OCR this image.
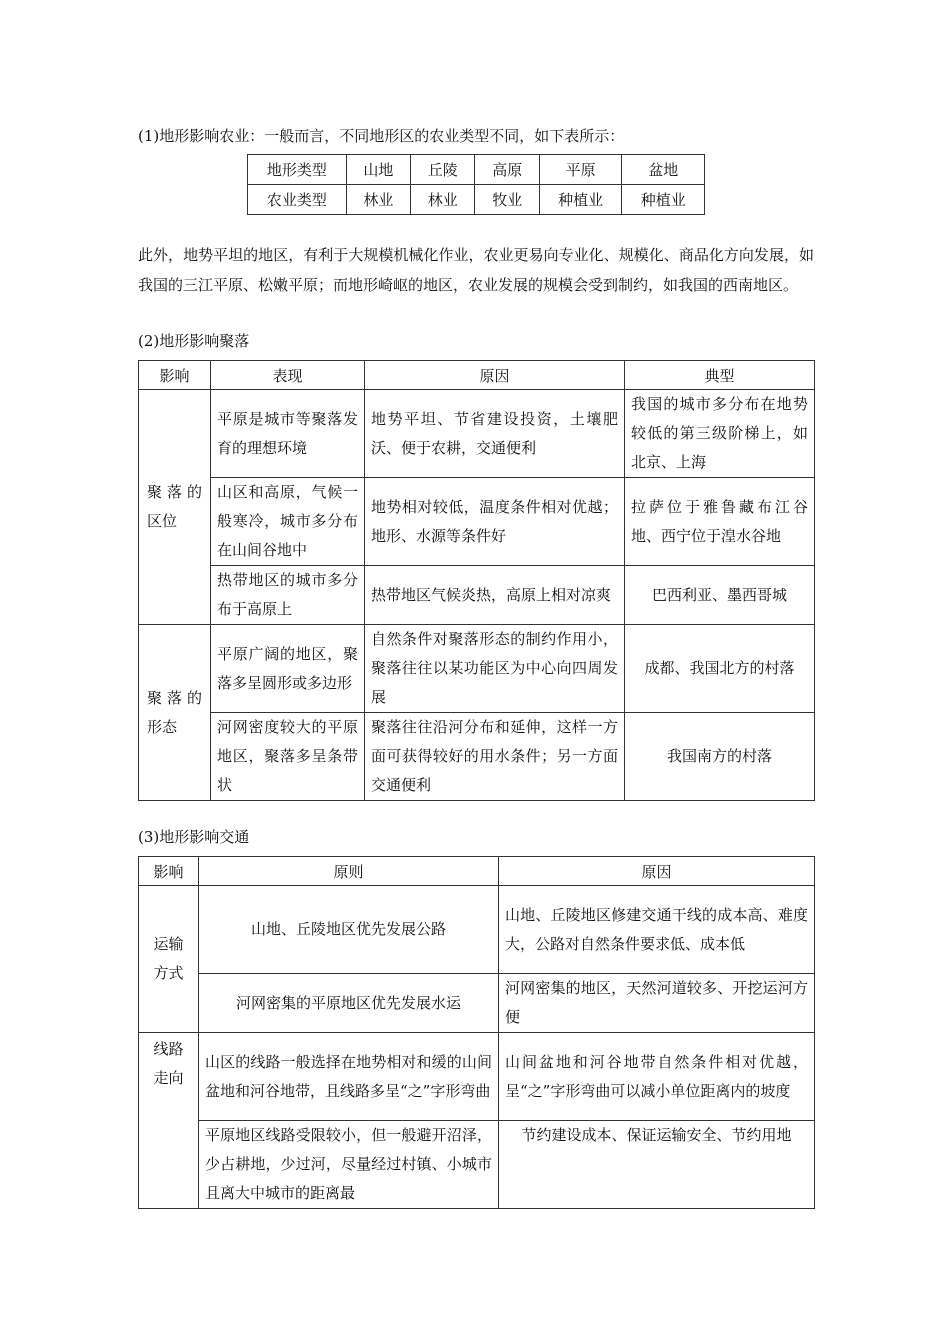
(1)地形影响农业：一般而言，不同地形区的农业类型不同，如下表所示：
地形类型	山地	丘陵	高原	平原	盆地
农业类型	林业	林业	牧业	种植业	种植业
此外，地势平坦的地区，有利于大规模机械化作业，农业更易向专业化、规模化、商品化方向发展，如我国的三江平原、松嫩平原；而地形崎岖的地区，农业发展的规模会受到制约，如我国的西南地区。
(2)地形影响聚落
影响	表现	原因	典型
聚落的区位	平原是城市等聚落发育的理想环境	地势平坦、节省建设投资，土壤肥沃、便于农耕，交通便利	我国的城市多分布在地势较低的第三级阶梯上，如北京、上海
	山区和高原，气候一般寒冷，城市多分布在山间谷地中	地势相对较低，温度条件相对优越；地形、水源等条件好	拉萨位于雅鲁藏布江谷地、西宁位于湟水谷地
	热带地区的城市多分布于高原上	热带地区气候炎热，高原上相对凉爽	巴西利亚、墨西哥城
聚落的形态	平原广阔的地区，聚落多呈圆形或多边形	自然条件对聚落形态的制约作用小，聚落往往以某功能区为中心向四周发展	成都、我国北方的村落
	河网密度较大的平原地区，聚落多呈条带状	聚落往往沿河分布和延伸，这样一方面可获得较好的用水条件；另一方面交通便利	我国南方的村落
(3)地形影响交通
影响	原则	原因
运输方式	山地、丘陵地区优先发展公路	山地、丘陵地区修建交通干线的成本高、难度大，公路对自然条件要求低、成本低
	河网密集的平原地区优先发展水运	河网密集的地区，天然河道较多、开挖运河方便
线路走向	山区的线路一般选择在地势相对和缓的山间盆地和河谷地带，且线路多呈“之”字形弯曲	山间盆地和河谷地带自然条件相对优越，呈“之”字形弯曲可以减小单位距离内的坡度
	平原地区线路受限较小，但一般避开沼泽，少占耕地，少过河，尽量经过村镇、小城市且离大中城市的距离最	节约建设成本、保证运输安全、节约用地
